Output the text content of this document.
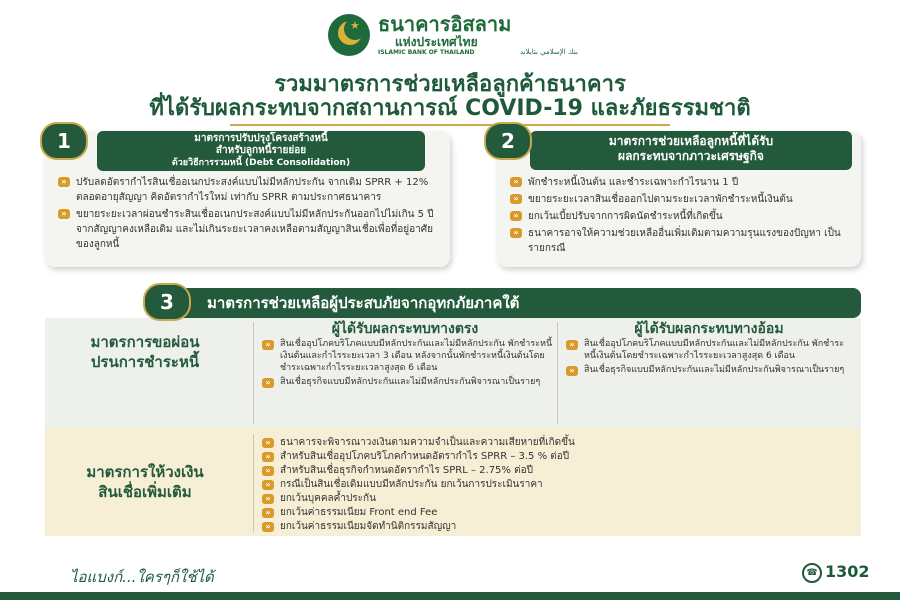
★ ธนาคารอิสลาม
แห่งประเทศไทย
ISLAMIC BANK OF THAILAND	بنك الإسلامي بتايلاند
รวมมาตรการช่วยเหลือลูกค้าธนาคาร
ที่ได้รับผลกระทบจากสถานการณ์ COVID-19 และภัยธรรมชาติ
มาตรการปรับปรุงโครงสร้างหนี้
สำหรับลูกหนี้รายย่อย
ด้วยวิธีการรวมหนี้ (Debt Consolidation)
1
» ปรับลดอัตรากำไรสินเชื่ออเนกประสงค์แบบไม่มีหลักประกัน จากเดิม SPRR + 12% ตลอดอายุสัญญา คิดอัตรากำไรใหม่ เท่ากับ SPRR ตามประกาศธนาคาร
» ขยายระยะเวลาผ่อนชำระสินเชื่ออเนกประสงค์แบบไม่มีหลักประกันออกไปไม่เกิน 5 ปี จากสัญญาคงเหลือเดิม และไม่เกินระยะเวลาคงเหลือตามสัญญาสินเชื่อเพื่อที่อยู่อาศัยของลูกหนี้
มาตรการช่วยเหลือลูกหนี้ที่ได้รับ
ผลกระทบจากภาวะเศรษฐกิจ
2
» พักชำระหนี้เงินต้น และชำระเฉพาะกำไรนาน 1 ปี
» ขยายระยะเวลาสินเชื่อออกไปตามระยะเวลาพักชำระหนี้เงินต้น
» ยกเว้นเบี้ยปรับจากการผิดนัดชำระหนี้ที่เกิดขึ้น
» ธนาคารอาจให้ความช่วยเหลืออื่นเพิ่มเติมตามความรุนแรงของปัญหา เป็นรายกรณี
มาตรการช่วยเหลือผู้ประสบภัยจากอุทกภัยภาคใต้
3
มาตรการขอผ่อน
ปรนการชำระหนี้
ผู้ได้รับผลกระทบทางตรง
»	สินเชื่ออุปโภคบริโภคแบบมีหลักประกันและไม่มีหลักประกัน พักชำระหนี้เงินต้นและกำไรระยะเวลา 3 เดือน หลังจากนั้นพักชำระหนี้เงินต้นโดยชำระเฉพาะกำไรระยะเวลาสูงสุด 6 เดือน
»	สินเชื่อธุรกิจแบบมีหลักประกันและไม่มีหลักประกันพิจารณาเป็นรายๆ
ผู้ได้รับผลกระทบทางอ้อม
»	สินเชื่ออุปโภคบริโภคแบบมีหลักประกันและไม่มีหลักประกัน พักชำระหนี้เงินต้นโดยชำระเฉพาะกำไรระยะเวลาสูงสุด 6 เดือน
»	สินเชื่อธุรกิจแบบมีหลักประกันและไม่มีหลักประกันพิจารณาเป็นรายๆ
มาตรการให้วงเงิน
สินเชื่อเพิ่มเติม
» ธนาคารจะพิจารณาวงเงินตามความจำเป็นและความเสียหายที่เกิดขึ้น
» สำหรับสินเชื่ออุปโภคบริโภคกำหนดอัตรากำไร SPRR – 3.5 % ต่อปี
» สำหรับสินเชื่อธุรกิจกำหนดอัตรากำไร SPRL – 2.75% ต่อปี
» กรณีเป็นสินเชื่อเดิมแบบมีหลักประกัน ยกเว้นการประเมินราคา
» ยกเว้นบุคคลค้ำประกัน
» ยกเว้นค่าธรรมเนียม Front end Fee
» ยกเว้นค่าธรรมเนียมจัดทำนิติกรรมสัญญา
ไอแบงก์...ใครๆก็ใช้ได้	☎ 1302
